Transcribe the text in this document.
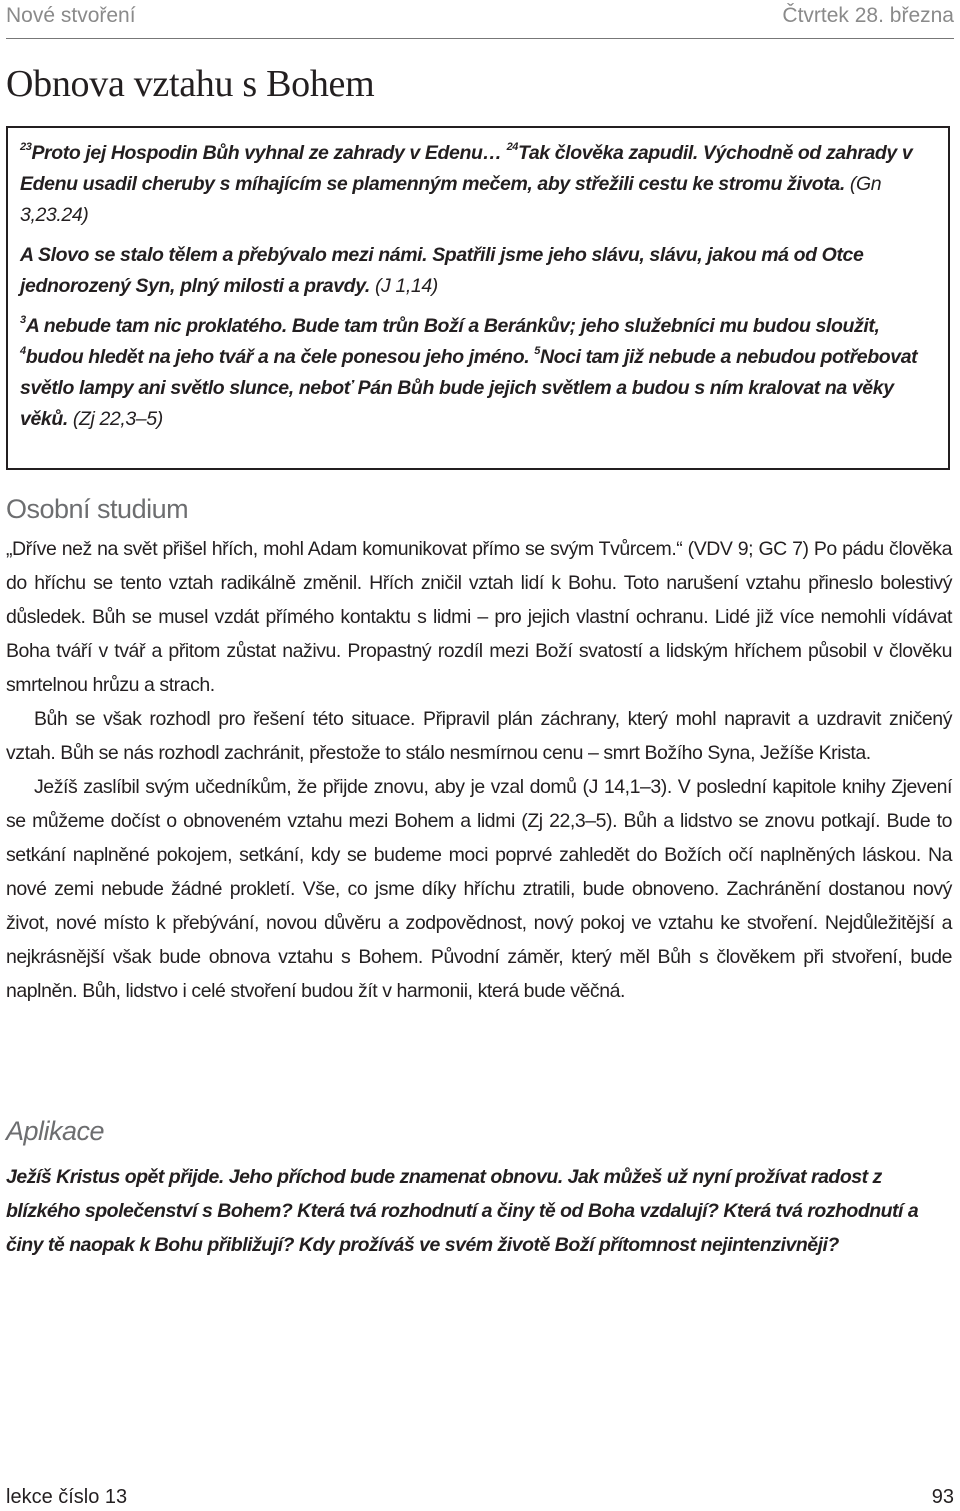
Nové stvoření	Čtvrtek 28. března
Obnova vztahu s Bohem

$^{23}$Proto jej Hospodin Bůh vyhnal ze zahrady v Edenu… $^{24}$Tak člověka zapudil. Východně od zahrady v Edenu usadil cheruby s míhajícím se plamenným mečem, aby střežili cestu ke stromu života. (Gn 3,23.24)

A Slovo se stalo tělem a přebývalo mezi námi. Spatřili jsme jeho slávu, slávu, jakou má od Otce jednorozený Syn, plný milosti a pravdy. (J 1,14)

$^3$A nebude tam nic proklatého. Bude tam trůn Boží a Beránkův; jeho služebníci mu budou sloužit, $^4$budou hledět na jeho tvář a na čele ponesou jeho jméno. $^5$Noci tam již nebude a nebudou potřebovat světlo lampy ani světlo slunce, neboť Pán Bůh bude jejich světlem a budou s ním kralovat na věky věků. (Zj 22,3–5)

Osobní studium

„Dříve než na svět přišel hřích, mohl Adam komunikovat přímo se svým Tvůrcem.“ (VDV 9; GC 7) Po pádu člověka do hříchu se tento vztah radikálně změnil. Hřích zničil vztah lidí k Bohu. Toto narušení vztahu přineslo bolestivý důsledek. Bůh se musel vzdát přímého kontaktu s lidmi – pro jejich vlastní ochranu. Lidé již více nemohli vídávat Boha tváří v tvář a přitom zůstat naživu. Propastný rozdíl mezi Boží svatostí a lidským hříchem působil v člověku smrtelnou hrůzu a strach.

Bůh se však rozhodl pro řešení této situace. Připravil plán záchrany, který mohl napravit a uzdravit zničený vztah. Bůh se nás rozhodl zachránit, přestože to stálo nesmírnou cenu – smrt Božího Syna, Ježíše Krista.

Ježíš zaslíbil svým učedníkům, že přijde znovu, aby je vzal domů (J 14,1–3). V poslední kapitole knihy Zjevení se můžeme dočíst o obnoveném vztahu mezi Bohem a lidmi (Zj 22,3–5). Bůh a lidstvo se znovu potkají. Bude to setkání naplněné pokojem, setkání, kdy se budeme moci poprvé zahledět do Božích očí naplněných láskou. Na nové zemi nebude žádné prokletí. Vše, co jsme díky hříchu ztratili, bude obnoveno. Zachránění dostanou nový život, nové místo k přebývání, novou důvěru a zodpovědnost, nový pokoj ve vztahu ke stvoření. Nejdůležitější a nejkrásnější však bude obnova vztahu s Bohem. Původní záměr, který měl Bůh s člověkem při stvoření, bude naplněn. Bůh, lidstvo i celé stvoření budou žít v harmonii, která bude věčná.

Aplikace

Ježíš Kristus opět přijde. Jeho příchod bude znamenat obnovu. Jak můžeš už nyní prožívat radost z blízkého společenství s Bohem? Která tvá rozhodnutí a činy tě od Boha vzdalují? Která tvá rozhodnutí a činy tě naopak k Bohu přibližují? Kdy prožíváš ve svém životě Boží přítomnost nejintenzivněji?

lekce číslo 13	93
